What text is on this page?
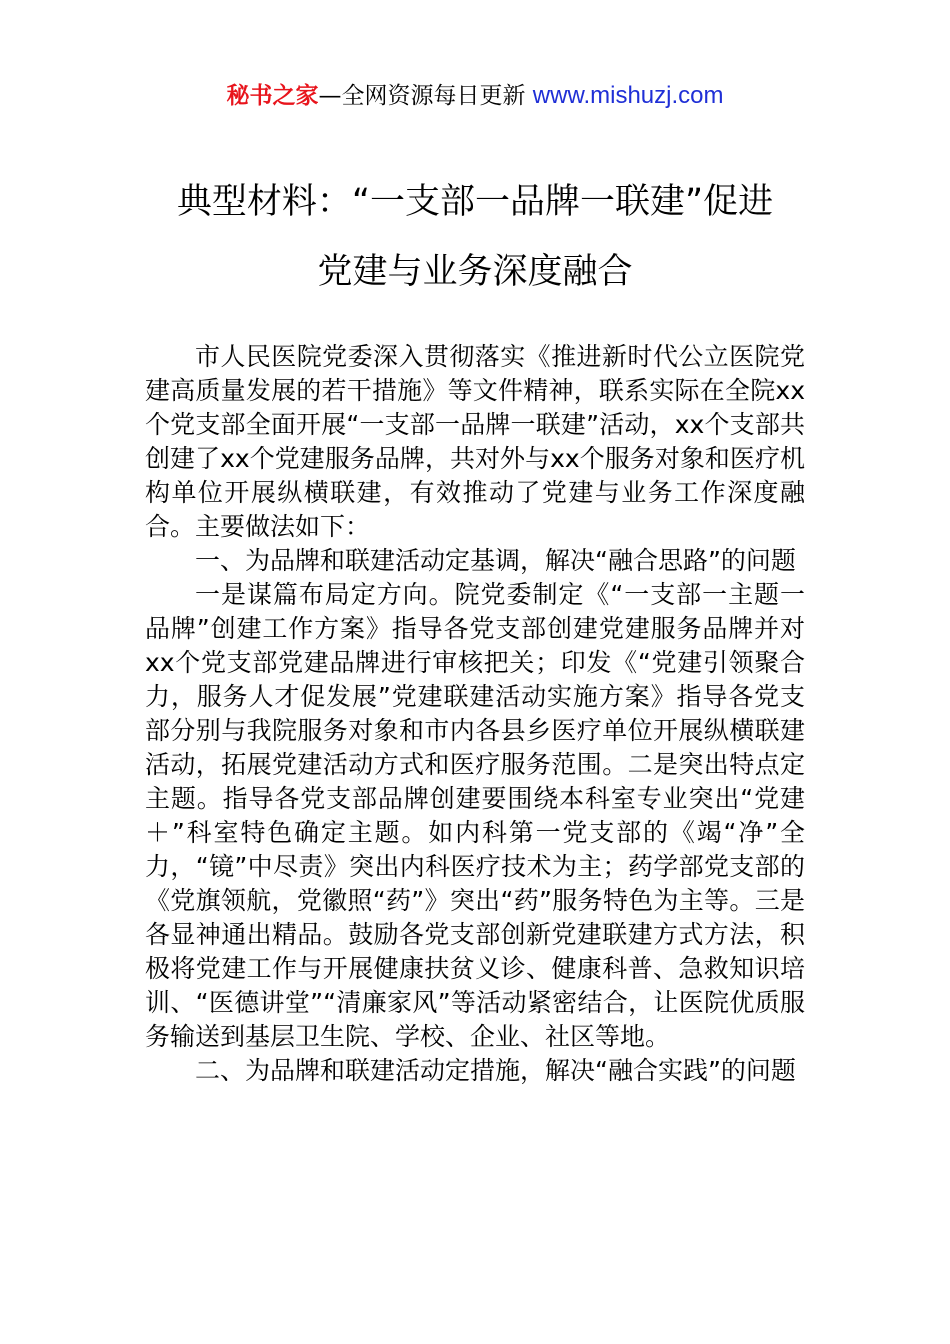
秘书之家—全网资源每日更新 www.mishuzj.com
典型材料：“一支部一品牌一联建”促进
党建与业务深度融合

市人民医院党委深入贯彻落实《推进新时代公立医院党建高质量发展的若干措施》等文件精神，联系实际在全院xx个党支部全面开展“一支部一品牌一联建”活动，xx个支部共创建了xx个党建服务品牌，共对外与xx个服务对象和医疗机构单位开展纵横联建，有效推动了党建与业务工作深度融合。主要做法如下：

一、为品牌和联建活动定基调，解决“融合思路”的问题

一是谋篇布局定方向。院党委制定《“一支部一主题一品牌”创建工作方案》指导各党支部创建党建服务品牌并对xx个党支部党建品牌进行审核把关；印发《“党建引领聚合力，服务人才促发展”党建联建活动实施方案》指导各党支部分别与我院服务对象和市内各县乡医疗单位开展纵横联建活动，拓展党建活动方式和医疗服务范围。二是突出特点定主题。指导各党支部品牌创建要围绕本科室专业突出“党建＋”科室特色确定主题。如内科第一党支部的《竭“净”全力，“镜”中尽责》突出内科医疗技术为主；药学部党支部的《党旗领航，党徽照“药”》突出“药”服务特色为主等。三是各显神通出精品。鼓励各党支部创新党建联建方式方法，积极将党建工作与开展健康扶贫义诊、健康科普、急救知识培训、“医德讲堂”“清廉家风”等活动紧密结合，让医院优质服务输送到基层卫生院、学校、企业、社区等地。

二、为品牌和联建活动定措施，解决“融合实践”的问题
